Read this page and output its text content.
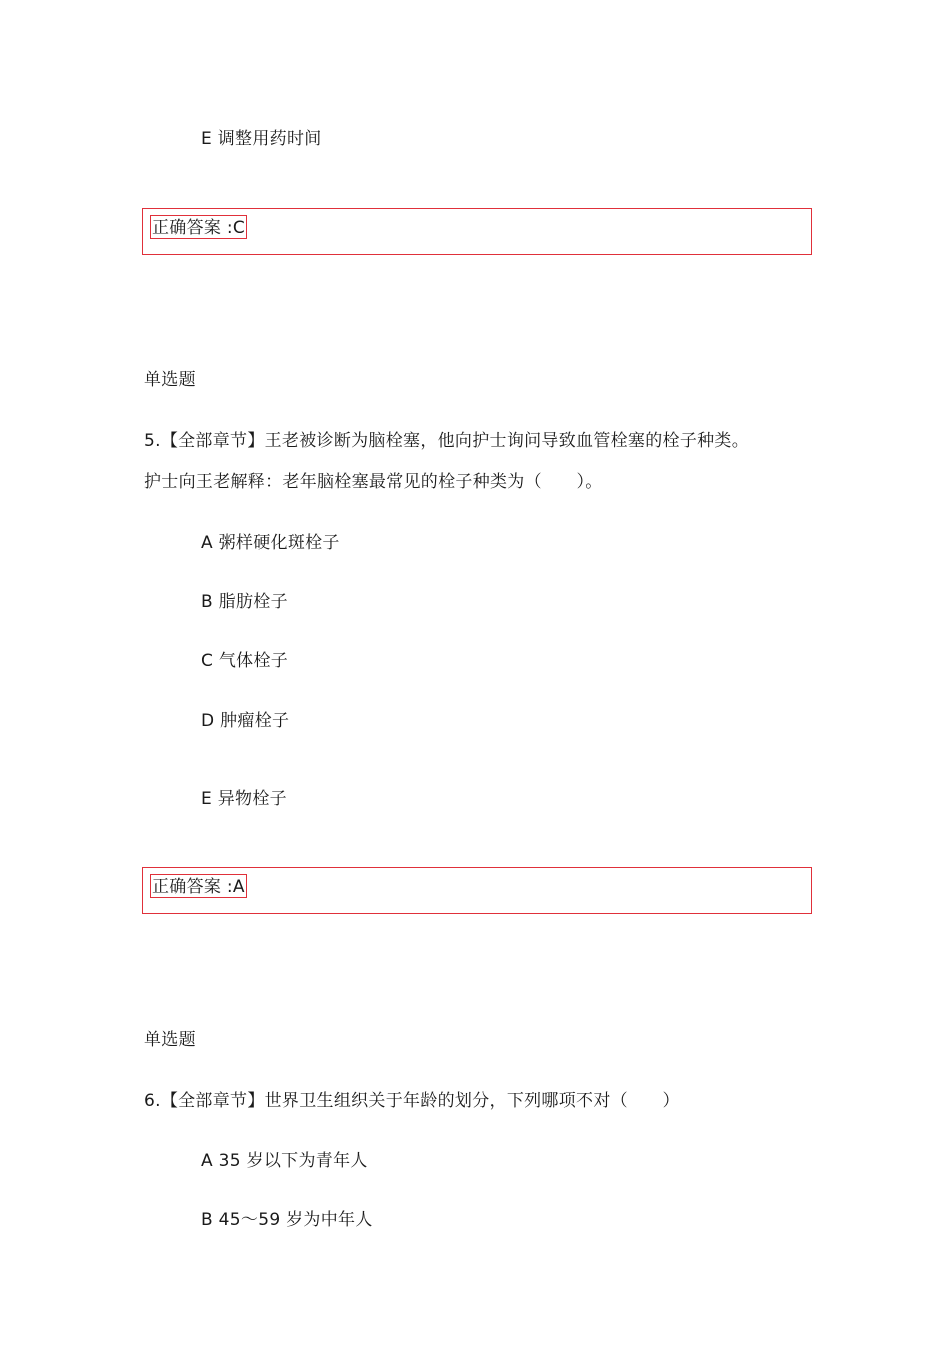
E 调整用药时间
正确答案 :C
单选题
5.【全部章节】王老被诊断为脑栓塞，他向护士询问导致血管栓塞的栓子种类。
护士向王老解释：老年脑栓塞最常见的栓子种类为（　　）。
A 粥样硬化斑栓子
B 脂肪栓子
C 气体栓子
D 肿瘤栓子
E 异物栓子
正确答案 :A
单选题
6.【全部章节】世界卫生组织关于年龄的划分，下列哪项不对（　　）
A 35 岁以下为青年人
B 45～59 岁为中年人
